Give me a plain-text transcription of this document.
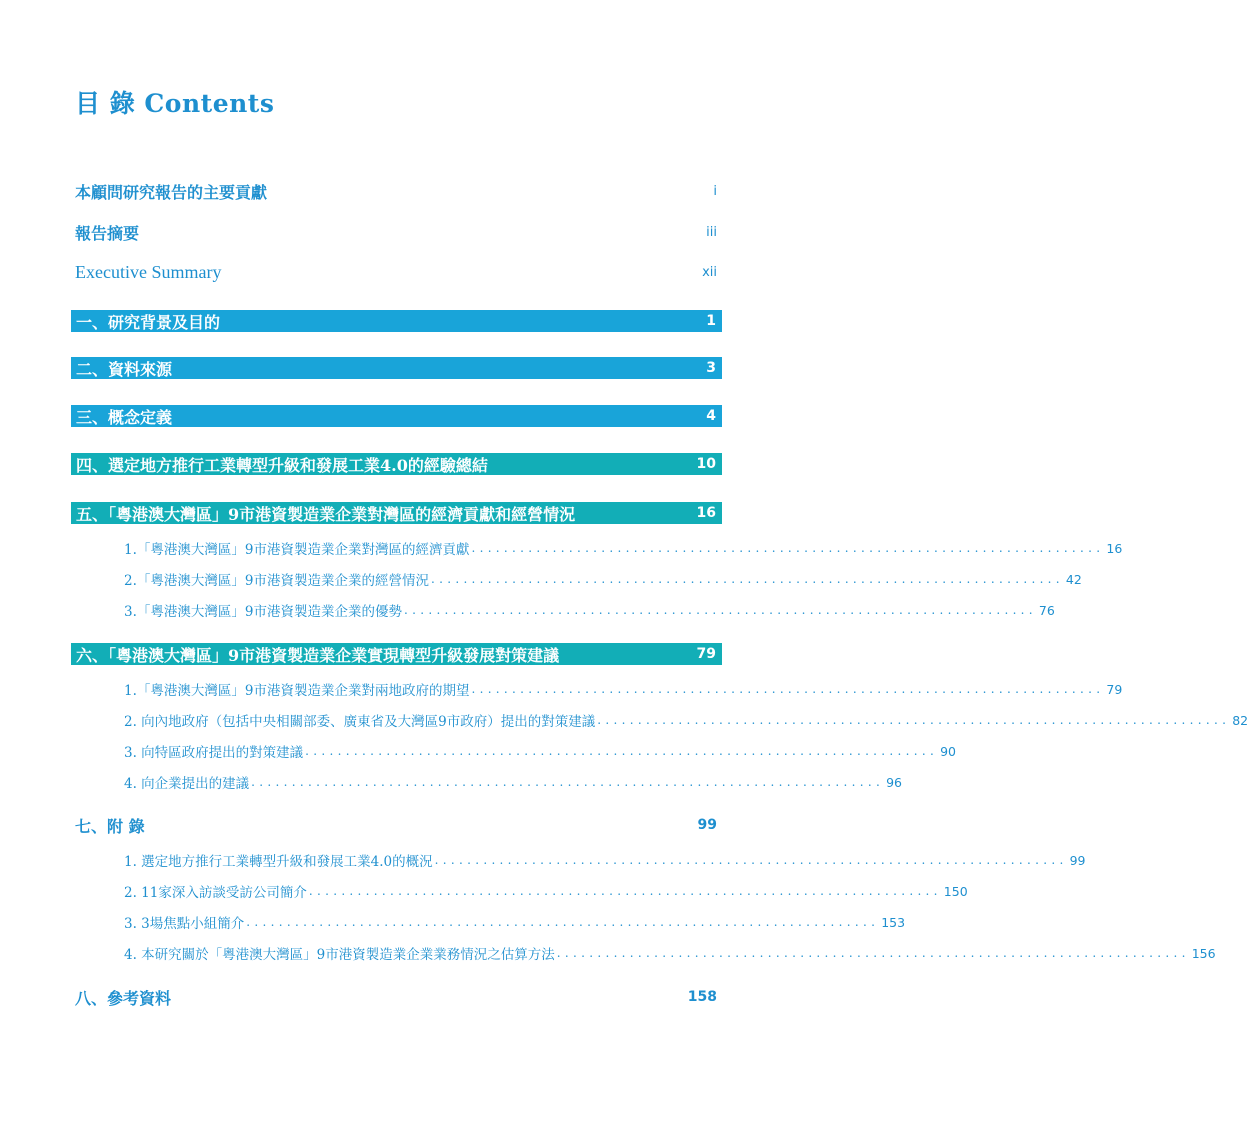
目 錄 Contents
本顧問研究報告的主要貢獻	i
報告摘要	iii
Executive Summary	xii
一、研究背景及目的	1
二、資料來源	3
三、概念定義	4
四、選定地方推行工業轉型升級和發展工業4.0的經驗總結	10
五、「粵港澳大灣區」9市港資製造業企業對灣區的經濟貢獻和經營情況	16
1.「粵港澳大灣區」9市港資製造業企業對灣區的經濟貢獻 .............................................................................. 16
2.「粵港澳大灣區」9市港資製造業企業的經營情況 .............................................................................. 42
3.「粵港澳大灣區」9市港資製造業企業的優勢 .............................................................................. 76
六、「粵港澳大灣區」9市港資製造業企業實現轉型升級發展對策建議	79
1.「粵港澳大灣區」9市港資製造業企業對兩地政府的期望 .............................................................................. 79
2. 向內地政府（包括中央相關部委、廣東省及大灣區9市政府）提出的對策建議 .............................................................................. 82
3. 向特區政府提出的對策建議 .............................................................................. 90
4. 向企業提出的建議 .............................................................................. 96
七、附 錄	99
1. 選定地方推行工業轉型升級和發展工業4.0的概況 .............................................................................. 99
2. 11家深入訪談受訪公司簡介 .............................................................................. 150
3. 3場焦點小組簡介 .............................................................................. 153
4. 本研究關於「粵港澳大灣區」9市港資製造業企業業務情況之估算方法 .............................................................................. 156
八、參考資料	158
